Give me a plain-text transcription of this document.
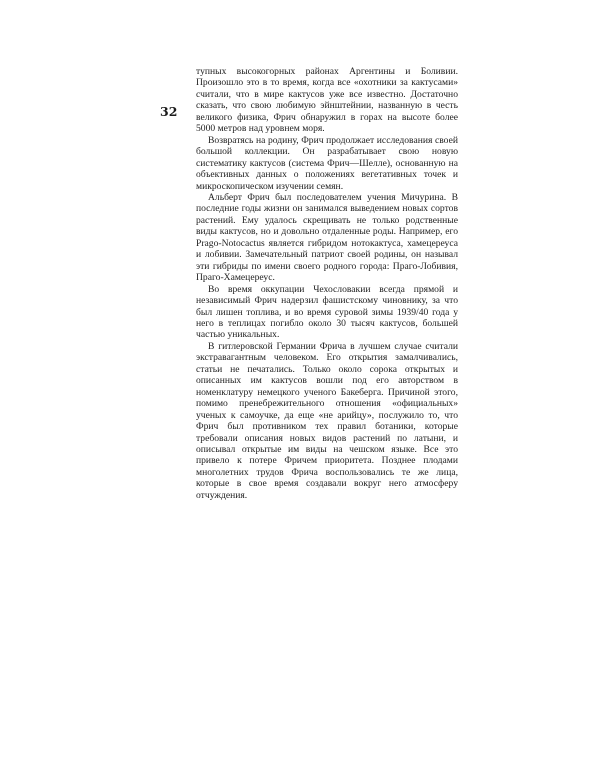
32

тупных высокогорных районах Аргентины и Боливии. Произошло это в то время, когда все «охотники за кактусами» считали, что в мире кактусов уже все известно. Достаточно сказать, что свою любимую эйнштейнии, названную в честь великого физика, Фрич обнаружил в горах на высоте более 5000 метров над уровнем моря.

Возвратясь на родину, Фрич продолжает исследования своей большой коллекции. Он разрабатывает свою новую систематику кактусов (система Фрич—Шелле), основанную на объективных данных о положениях вегетативных точек и микроскопическом изучении семян.

Альберт Фрич был последователем учения Мичурина. В последние годы жизни он занимался выведением новых сортов растений. Ему удалось скрещивать не только родственные виды кактусов, но и довольно отдаленные роды. Например, его Prago-Notocactus является гибридом нотокактуса, хамецереуса и лобивии. Замечательный патриот своей родины, он называл эти гибриды по имени своего родного города: Праго-Лобивия, Праго-Хамецереус.

Во время оккупации Чехословакии всегда прямой и независимый Фрич надерзил фашистскому чиновнику, за что был лишен топлива, и во время суровой зимы 1939/40 года у него в теплицах погибло около 30 тысяч кактусов, большей частью уникальных.

В гитлеровской Германии Фрича в лучшем случае считали экстравагантным человеком. Его открытия замалчивались, статьи не печатались. Только около сорока открытых и описанных им кактусов вошли под его авторством в номенклатуру немецкого ученого Бакеберга. Причиной этого, помимо пренебрежительного отношения «официальных» ученых к самоучке, да еще «не арийцу», послужило то, что Фрич был противником тех правил ботаники, которые требовали описания новых видов растений по латыни, и описывал открытые им виды на чешском языке. Все это привело к потере Фричем приоритета. Позднее плодами многолетних трудов Фрича воспользовались те же лица, которые в свое время создавали вокруг него атмосферу отчуждения.
